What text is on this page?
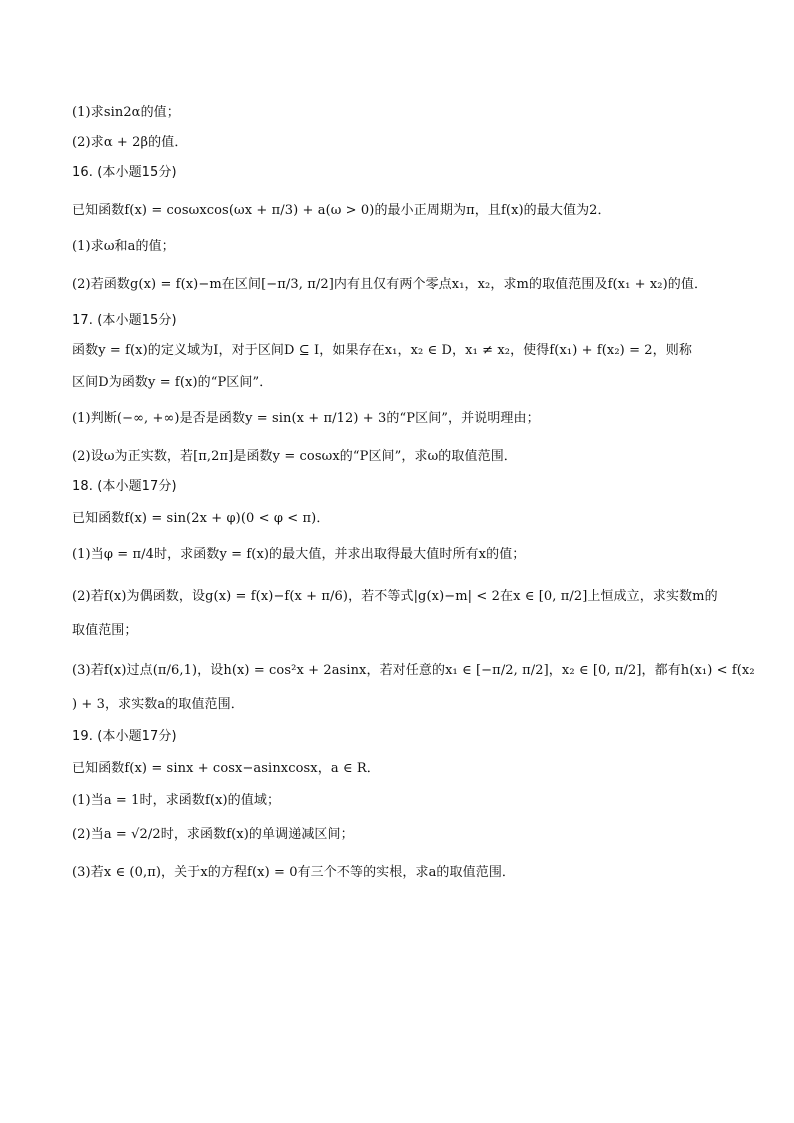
(1)求sin2α的值；
(2)求α + 2β的值．
16. (本小题15分)
已知函数f(x) = cosωxcos(ωx + π/3) + a(ω > 0)的最小正周期为π，且f(x)的最大值为2．
(1)求ω和a的值；
(2)若函数g(x) = f(x)−m在区间[−π/3, π/2]内有且仅有两个零点x₁，x₂，求m的取值范围及f(x₁ + x₂)的值．
17. (本小题15分)
函数y = f(x)的定义域为I，对于区间D ⊆ I，如果存在x₁，x₂ ∈ D，x₁ ≠ x₂，使得f(x₁) + f(x₂) = 2，则称
区间D为函数y = f(x)的“P区间”．
(1)判断(−∞, +∞)是否是函数y = sin(x + π/12) + 3的“P区间”，并说明理由；
(2)设ω为正实数，若[π,2π]是函数y = cosωx的“P区间”，求ω的取值范围．
18. (本小题17分)
已知函数f(x) = sin(2x + φ)(0 < φ < π)．
(1)当φ = π/4时，求函数y = f(x)的最大值，并求出取得最大值时所有x的值；
(2)若f(x)为偶函数，设g(x) = f(x)−f(x + π/6)，若不等式|g(x)−m| < 2在x ∈ [0, π/2]上恒成立，求实数m的
取值范围；
(3)若f(x)过点(π/6,1)，设h(x) = cos²x + 2asinx，若对任意的x₁ ∈ [−π/2, π/2]，x₂ ∈ [0, π/2]，都有h(x₁) < f(x₂
) + 3，求实数a的取值范围．
19. (本小题17分)
已知函数f(x) = sinx + cosx−asinxcosx，a ∈ R．
(1)当a = 1时，求函数f(x)的值域；
(2)当a = √2/2时，求函数f(x)的单调递减区间；
(3)若x ∈ (0,π)，关于x的方程f(x) = 0有三个不等的实根，求a的取值范围．
